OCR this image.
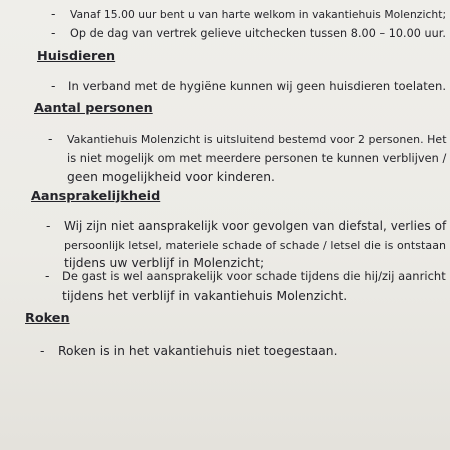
- Vanaf 15.00 uur bent u van harte welkom in vakantiehuis Molenzicht;
- Op de dag van vertrek gelieve uitchecken tussen 8.00 – 10.00 uur.
Huisdieren
- In verband met de hygiëne kunnen wij geen huisdieren toelaten.
Aantal personen
- Vakantiehuis Molenzicht is uitsluitend bestemd voor 2 personen. Het
is niet mogelijk om met meerdere personen te kunnen verblijven /
geen mogelijkheid voor kinderen.
Aansprakelijkheid
- Wij zijn niet aansprakelijk voor gevolgen van diefstal, verlies of
persoonlijk letsel, materiele schade of schade / letsel die is ontstaan
tijdens uw verblijf in Molenzicht;
- De gast is wel aansprakelijk voor schade tijdens die hij/zij aanricht
tijdens het verblijf in vakantiehuis Molenzicht.
Roken
- Roken is in het vakantiehuis niet toegestaan.
